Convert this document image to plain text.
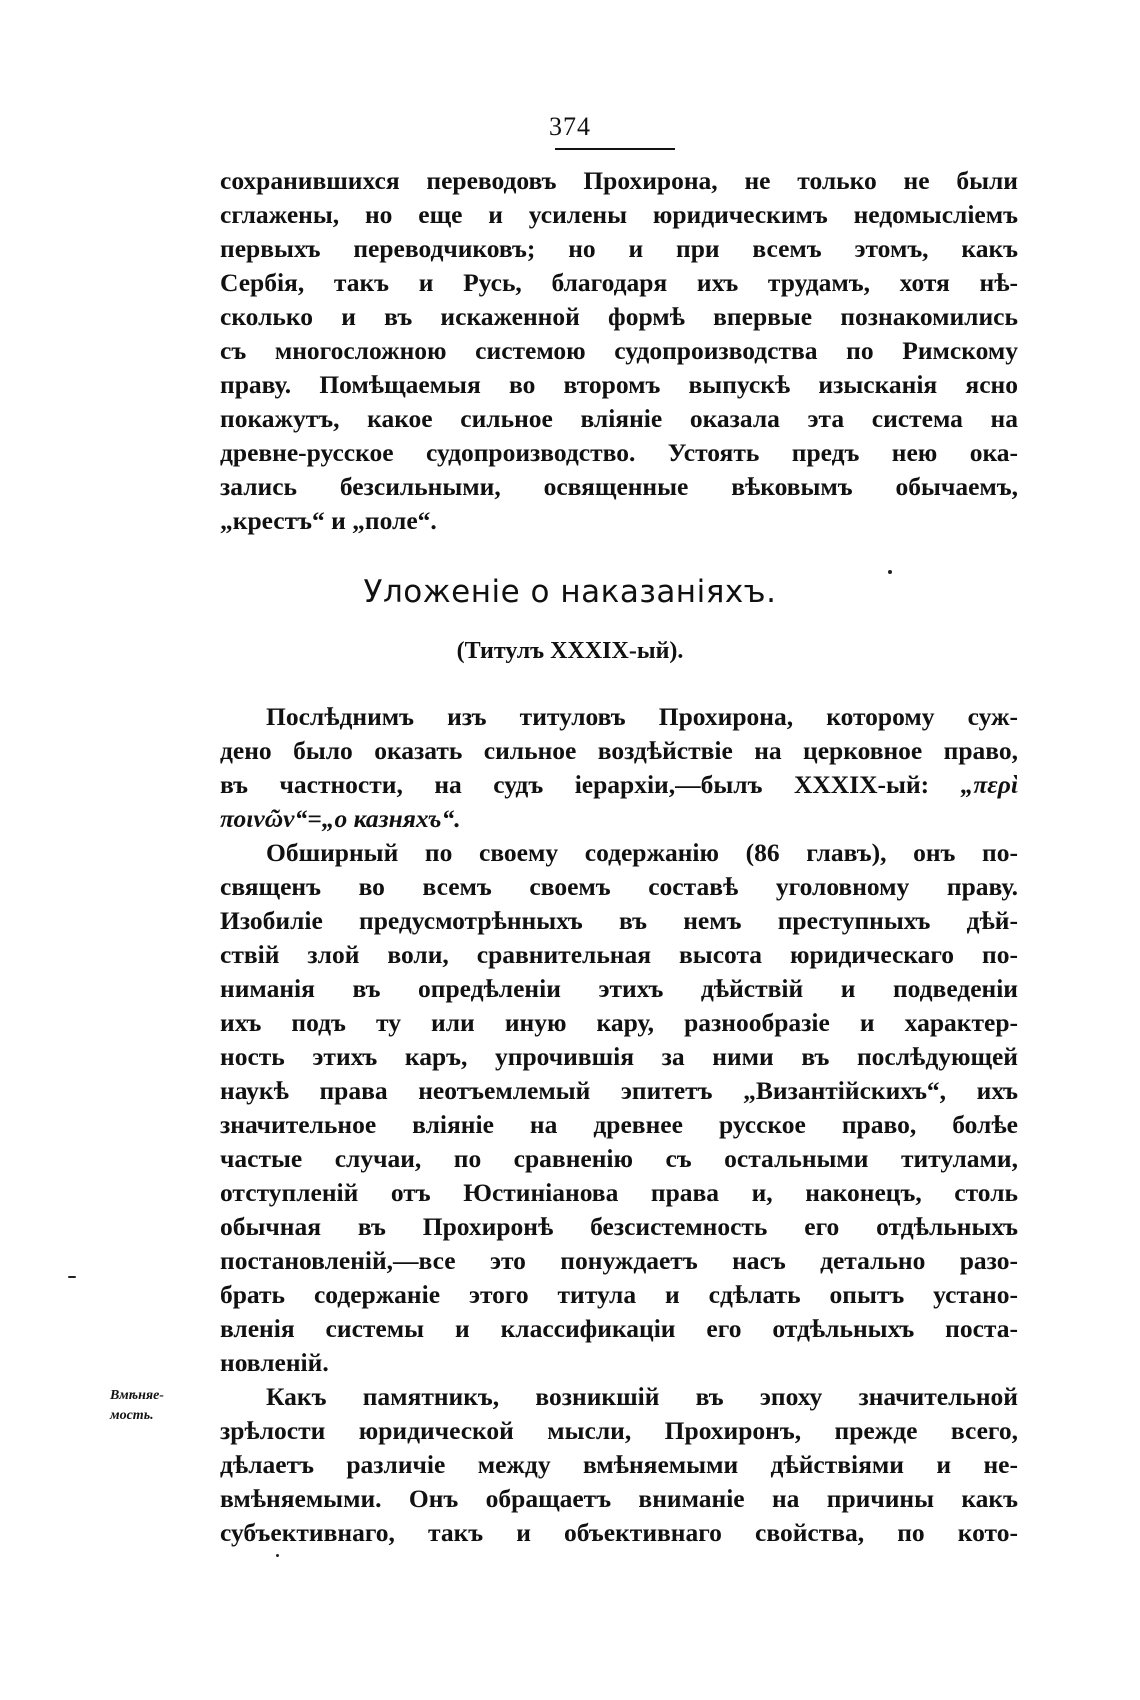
374
сохранившихся переводовъ Прохирона, не только не были
сглажены, но еще и усилены юридическимъ недомысліемъ
первыхъ переводчиковъ; но и при всемъ этомъ, какъ
Сербія, такъ и Русь, благодаря ихъ трудамъ, хотя нѣ-
сколько и въ искаженной формѣ впервые познакомились
съ многосложною системою судопроизводства по Римскому
праву. Помѣщаемыя во второмъ выпускѣ изысканія ясно
покажутъ, какое сильное вліяніе оказала эта система на
древне-русское судопроизводство. Устоять предъ нею ока-
зались безсильными, освященные вѣковымъ обычаемъ,
„крестъ“ и „поле“.
Уложеніе о наказаніяхъ.
(Титулъ XXXIX-ый).
Послѣднимъ изъ титуловъ Прохирона, которому суж-
дено было оказать сильное воздѣйствіе на церковное право,
въ частности, на судъ іерархіи,—былъ XXXIX-ый: „περὶ
ποινῶν“=„о казняхъ“.
Обширный по своему содержанію (86 главъ), онъ по-
священъ во всемъ своемъ составѣ уголовному праву.
Изобиліе предусмотрѣнныхъ въ немъ преступныхъ дѣй-
ствій злой воли, сравнительная высота юридическаго по-
ниманія въ опредѣленіи этихъ дѣйствій и подведеніи
ихъ подъ ту или иную кару, разнообразіе и характер-
ность этихъ каръ, упрочившія за ними въ послѣдующей
наукѣ права неотъемлемый эпитетъ „Византійскихъ“, ихъ
значительное вліяніе на древнее русское право, болѣе
частые случаи, по сравненію съ остальными титулами,
отступленій отъ Юстиніанова права и, наконецъ, столь
обычная въ Прохиронѣ безсистемность его отдѣльныхъ
постановленій,—все это понуждаетъ насъ детально разо-
брать содержаніе этого титула и сдѣлать опытъ устано-
вленія системы и классификаціи его отдѣльныхъ поста-
новленій.
Вмѣняе-
мость.
Какъ памятникъ, возникшій въ эпоху значительной
зрѣлости юридической мысли, Прохиронъ, прежде всего,
дѣлаетъ различіе между вмѣняемыми дѣйствіями и не-
вмѣняемыми. Онъ обращаетъ вниманіе на причины какъ
субъективнаго, такъ и объективнаго свойства, по кото-
